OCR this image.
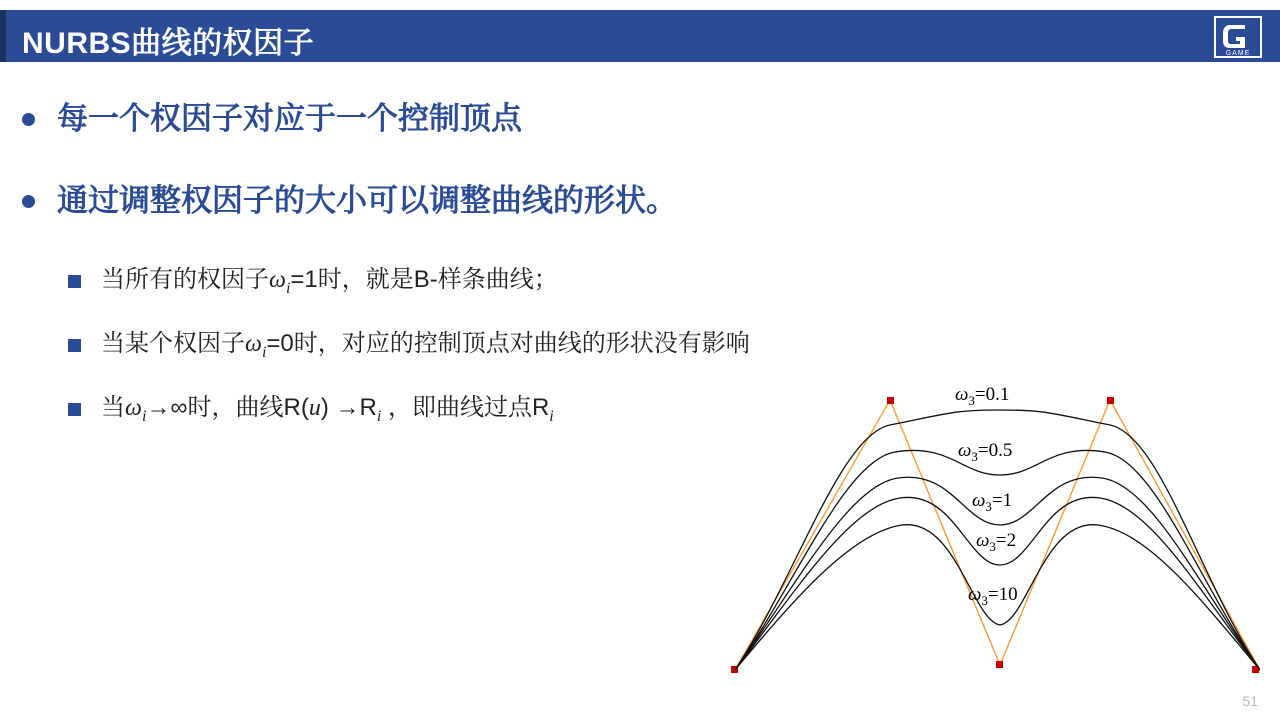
NURBS曲线的权因子	GAME
每一个权因子对应于一个控制顶点
通过调整权因子的大小可以调整曲线的形状。
当所有的权因子$\omega_i=1$时，就是B-样条曲线；
当某个权因子$\omega_i=0$时，对应的控制顶点对曲线的形状没有影响
当$\omega_i\to\infty$时，曲线$R(u) \to R_i$ ，即曲线过点$R_i$
$\omega_3=0.1$
$\omega_3=0.5$
$\omega_3=1$
$\omega_3=2$
$\omega_3=10$
51
